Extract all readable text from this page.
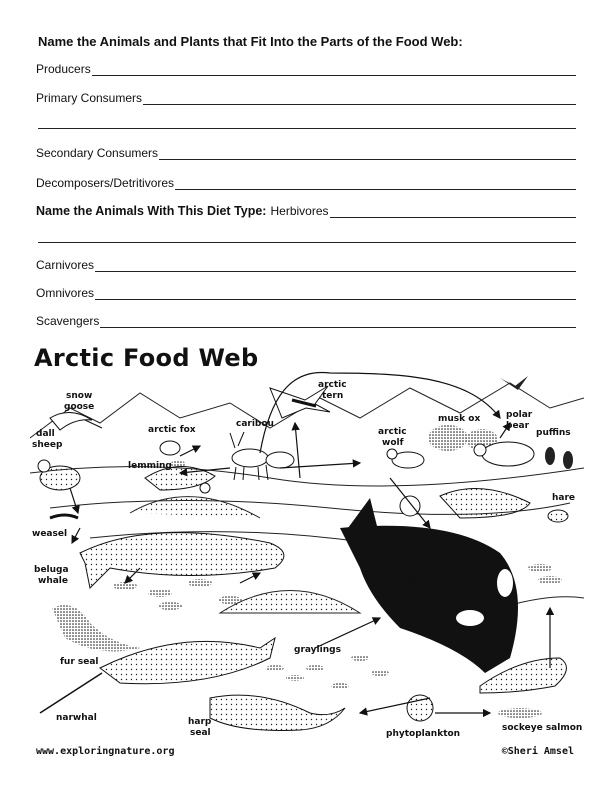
Name the Animals and Plants that Fit Into the Parts of the Food Web:
Producers
Primary Consumers
Secondary Consumers
Decomposers/Detritivores
Name the Animals With This Diet Type: Herbivores
Carnivores
Omnivores
Scavengers
Arctic Food Web
snow
goose
dall
sheep
arctic fox
caribou
arctic
tern
lemming
arctic
wolf
musk ox	polar
bear
puffins
hare
weasel
beluga
whale	killer
whale
fur seal
graylings
narwhal	harp
seal	phytoplankton
sockeye salmon
www.exploringnature.org	©Sheri Amsel
